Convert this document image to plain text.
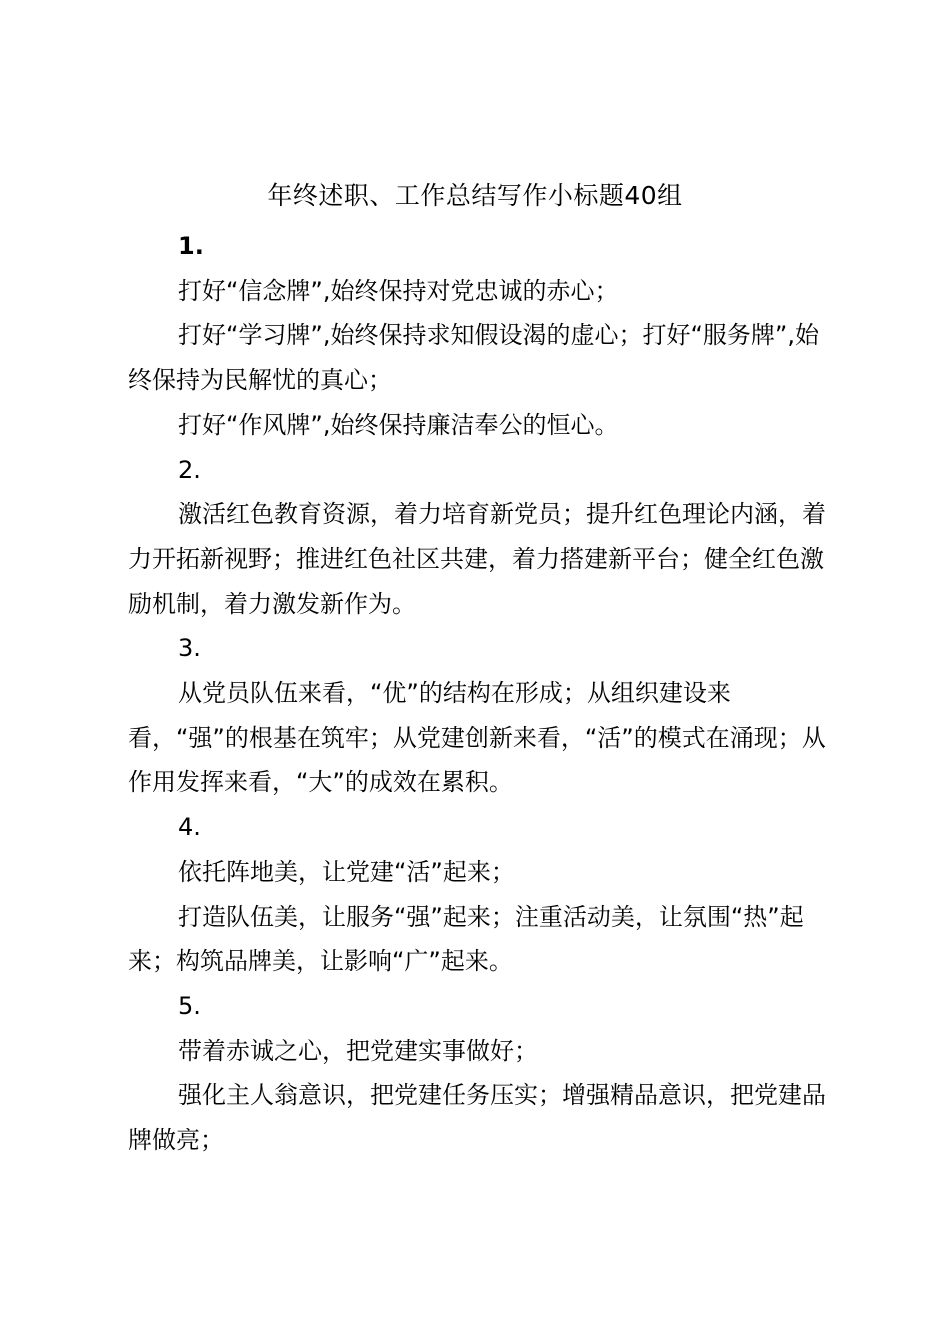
年终述职、工作总结写作小标题40组

1.

打好“信念牌”,始终保持对党忠诚的赤心；

打好“学习牌”,始终保持求知假设渴的虚心；打好“服务牌”,始终保持为民解忧的真心；

打好“作风牌”,始终保持廉洁奉公的恒心。

2.

激活红色教育资源，着力培育新党员；提升红色理论内涵，着力开拓新视野；推进红色社区共建，着力搭建新平台；健全红色激励机制，着力激发新作为。

3.

从党员队伍来看，“优”的结构在形成；从组织建设来看，“强”的根基在筑牢；从党建创新来看，“活”的模式在涌现；从作用发挥来看，“大”的成效在累积。

4.

依托阵地美，让党建“活”起来；

打造队伍美，让服务“强”起来；注重活动美，让氛围“热”起来；构筑品牌美，让影响“广”起来。

5.

带着赤诚之心，把党建实事做好；

强化主人翁意识，把党建任务压实；增强精品意识，把党建品牌做亮；
